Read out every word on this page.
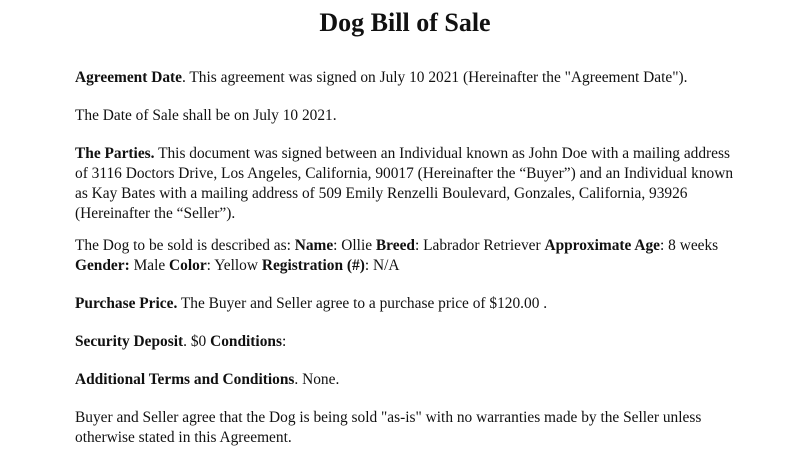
Dog Bill of Sale

Agreement Date. This agreement was signed on July 10 2021 (Hereinafter the "Agreement Date").

The Date of Sale shall be on July 10 2021.

The Parties. This document was signed between an Individual known as John Doe with a mailing address of 3116 Doctors Drive, Los Angeles, California, 90017 (Hereinafter the “Buyer”) and an Individual known as Kay Bates with a mailing address of 509 Emily Renzelli Boulevard, Gonzales, California, 93926 (Hereinafter the “Seller”).

The Dog to be sold is described as: Name: Ollie Breed: Labrador Retriever Approximate Age: 8 weeks Gender: Male Color: Yellow Registration (#): N/A

Purchase Price. The Buyer and Seller agree to a purchase price of $120.00 .

Security Deposit. $0 Conditions:

Additional Terms and Conditions. None.

Buyer and Seller agree that the Dog is being sold "as-is" with no warranties made by the Seller unless otherwise stated in this Agreement.
